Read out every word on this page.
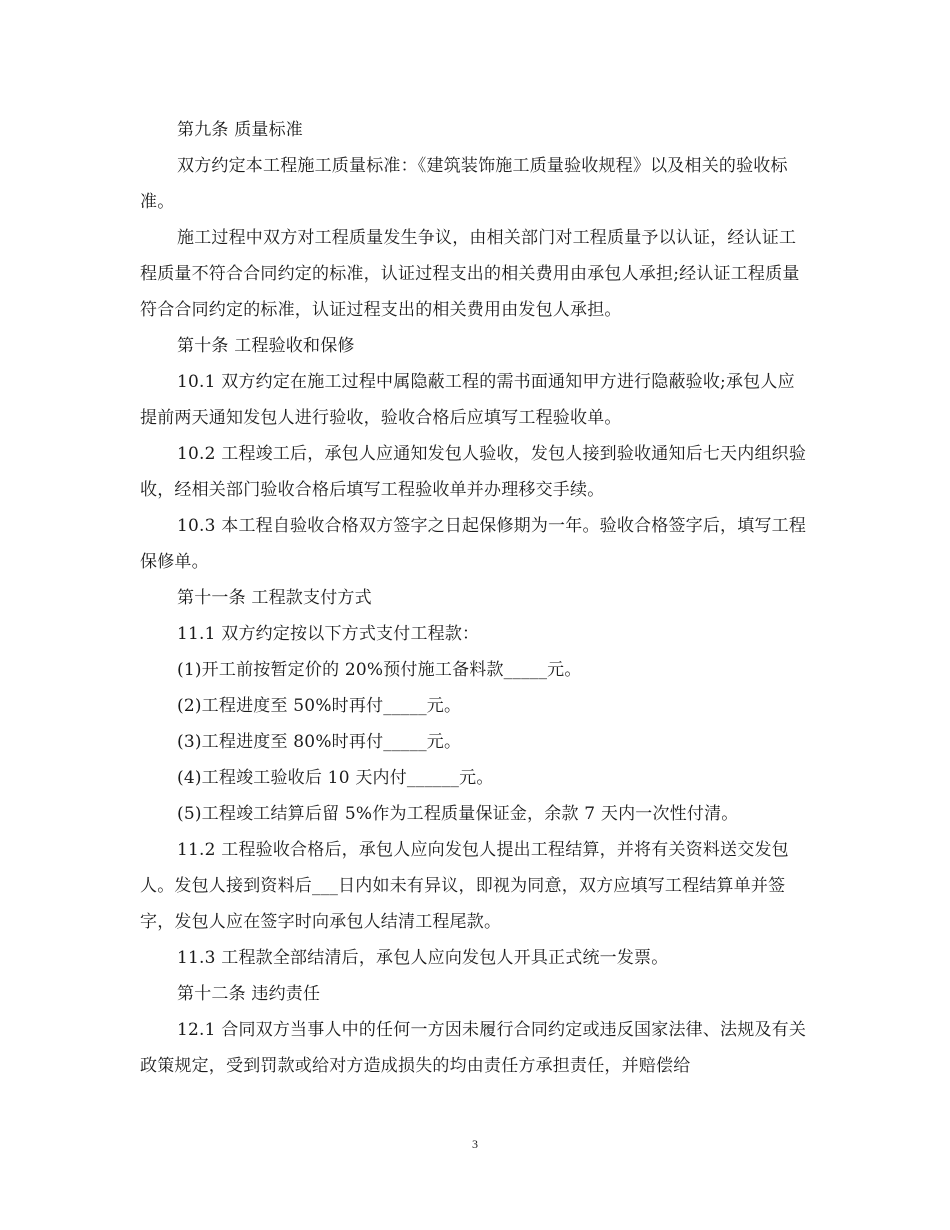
第九条 质量标准

双方约定本工程施工质量标准：《建筑装饰施工质量验收规程》以及相关的验收标准。

施工过程中双方对工程质量发生争议，由相关部门对工程质量予以认证，经认证工程质量不符合合同约定的标准，认证过程支出的相关费用由承包人承担;经认证工程质量符合合同约定的标准，认证过程支出的相关费用由发包人承担。

第十条 工程验收和保修

10.1 双方约定在施工过程中属隐蔽工程的需书面通知甲方进行隐蔽验收;承包人应提前两天通知发包人进行验收，验收合格后应填写工程验收单。

10.2 工程竣工后，承包人应通知发包人验收，发包人接到验收通知后七天内组织验收，经相关部门验收合格后填写工程验收单并办理移交手续。

10.3 本工程自验收合格双方签字之日起保修期为一年。验收合格签字后，填写工程保修单。

第十一条 工程款支付方式

11.1 双方约定按以下方式支付工程款：

(1)开工前按暂定价的 20%预付施工备料款_____元。

(2)工程进度至 50%时再付_____元。

(3)工程进度至 80%时再付_____元。

(4)工程竣工验收后 10 天内付______元。

(5)工程竣工结算后留 5%作为工程质量保证金，余款 7 天内一次性付清。

11.2 工程验收合格后，承包人应向发包人提出工程结算，并将有关资料送交发包人。发包人接到资料后___日内如未有异议，即视为同意，双方应填写工程结算单并签字，发包人应在签字时向承包人结清工程尾款。

11.3 工程款全部结清后，承包人应向发包人开具正式统一发票。

第十二条 违约责任

12.1 合同双方当事人中的任何一方因未履行合同约定或违反国家法律、法规及有关政策规定，受到罚款或给对方造成损失的均由责任方承担责任，并赔偿给

3
